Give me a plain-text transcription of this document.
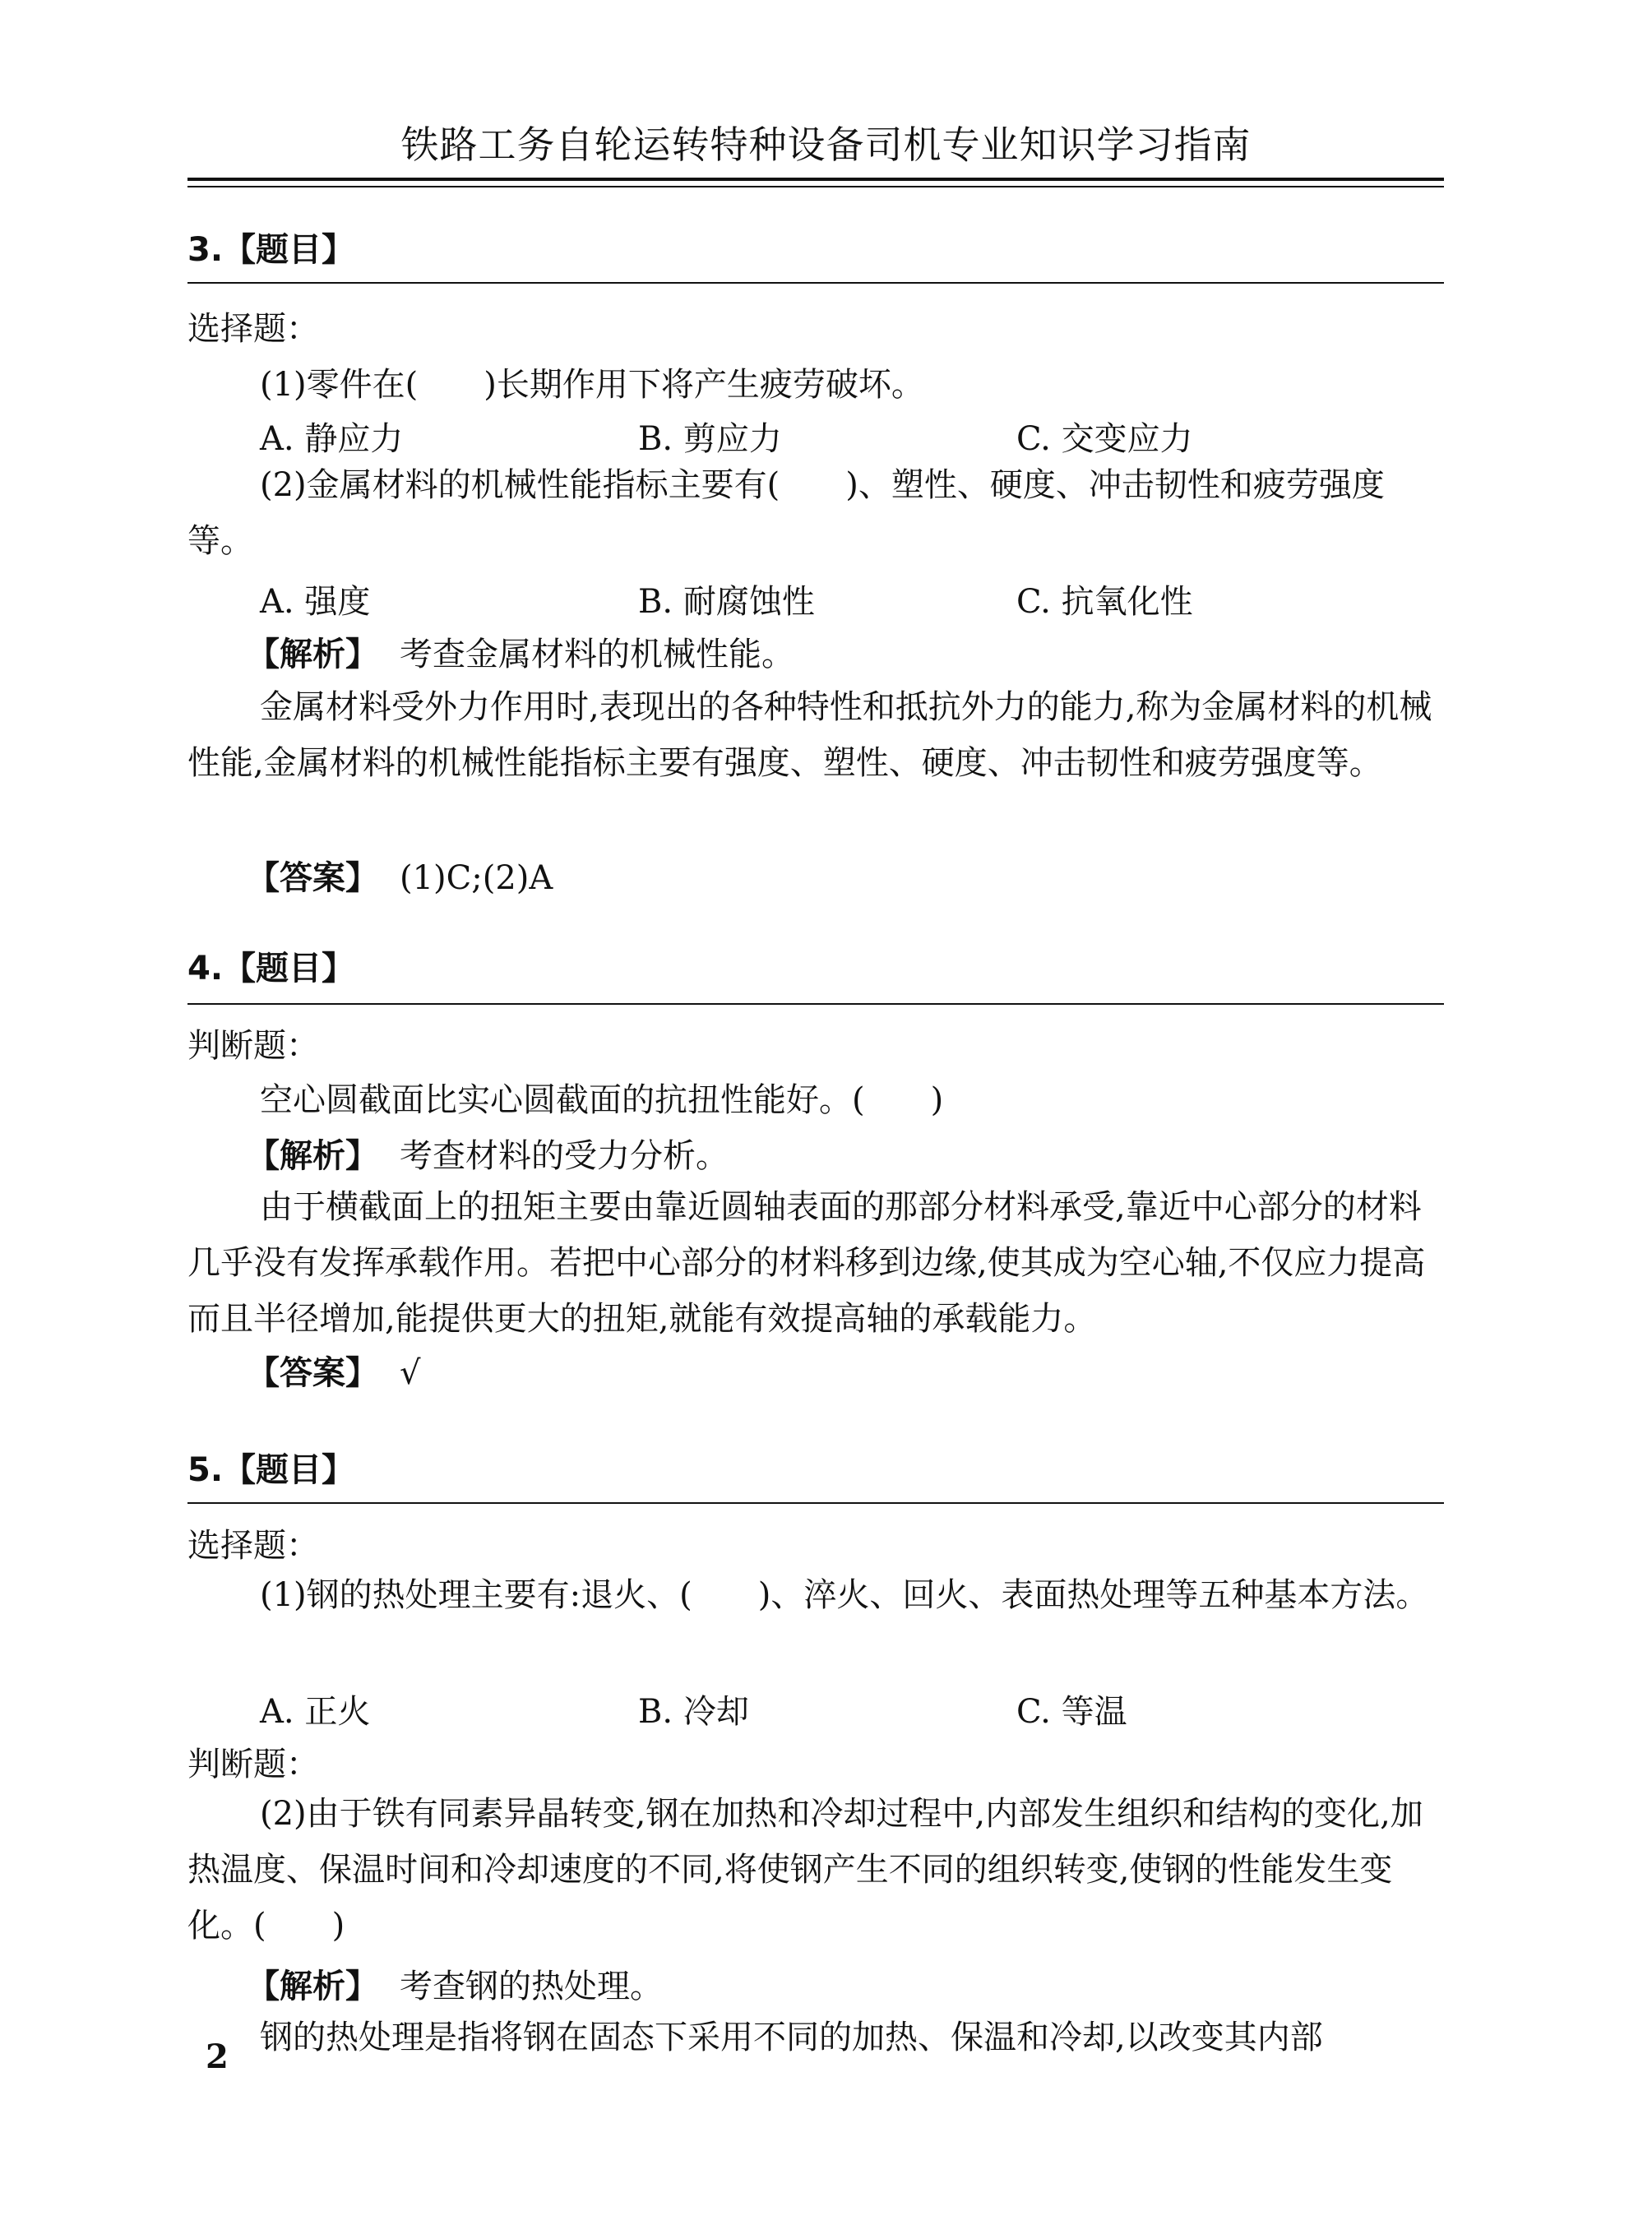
铁路工务自轮运转特种设备司机专业知识学习指南
3.【题目】
选择题：
(1)零件在(　　)长期作用下将产生疲劳破坏。
A. 静应力	B. 剪应力	C. 交变应力
(2)金属材料的机械性能指标主要有(　　)、塑性、硬度、冲击韧性和疲劳强度等。
A. 强度	B. 耐腐蚀性	C. 抗氧化性
【解析】 考查金属材料的机械性能。
金属材料受外力作用时,表现出的各种特性和抵抗外力的能力,称为金属材料的机械性能,金属材料的机械性能指标主要有强度、塑性、硬度、冲击韧性和疲劳强度等。
【答案】 (1)C;(2)A
4.【题目】
判断题：
空心圆截面比实心圆截面的抗扭性能好。(　　)
【解析】 考查材料的受力分析。
由于横截面上的扭矩主要由靠近圆轴表面的那部分材料承受,靠近中心部分的材料几乎没有发挥承载作用。若把中心部分的材料移到边缘,使其成为空心轴,不仅应力提高而且半径增加,能提供更大的扭矩,就能有效提高轴的承载能力。
【答案】 √
5.【题目】
选择题：
(1)钢的热处理主要有:退火、(　　)、淬火、回火、表面热处理等五种基本方法。
A. 正火	B. 冷却	C. 等温
判断题：
(2)由于铁有同素异晶转变,钢在加热和冷却过程中,内部发生组织和结构的变化,加热温度、保温时间和冷却速度的不同,将使钢产生不同的组织转变,使钢的性能发生变化。(　　)
【解析】 考查钢的热处理。
钢的热处理是指将钢在固态下采用不同的加热、保温和冷却,以改变其内部
2
